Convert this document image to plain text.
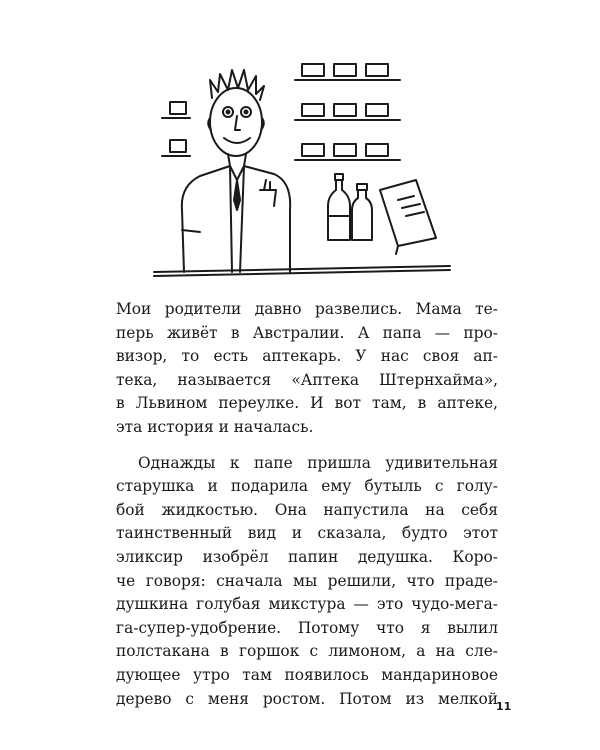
Мои родители давно развелись. Мама те-
перь живёт в Австралии. А папа — про-
визор, то есть аптекарь. У нас своя ап-
тека, называется «Аптека Штернхайма»,
в Львином переулке. И вот там, в аптеке,
эта история и началась.

Однажды к папе пришла удивительная
старушка и подарила ему бутыль с голу-
бой жидкостью. Она напустила на себя
таинственный вид и сказала, будто этот
эликсир изобрёл папин дедушка. Коро-
че говоря: сначала мы решили, что праде-
душкина голубая микстура — это чудо-мега-
га-супер-удобрение. Потому что я вылил
полстакана в горшок с лимоном, а на сле-
дующее утро там появилось мандариновое
дерево с меня ростом. Потом из мелкой

11
